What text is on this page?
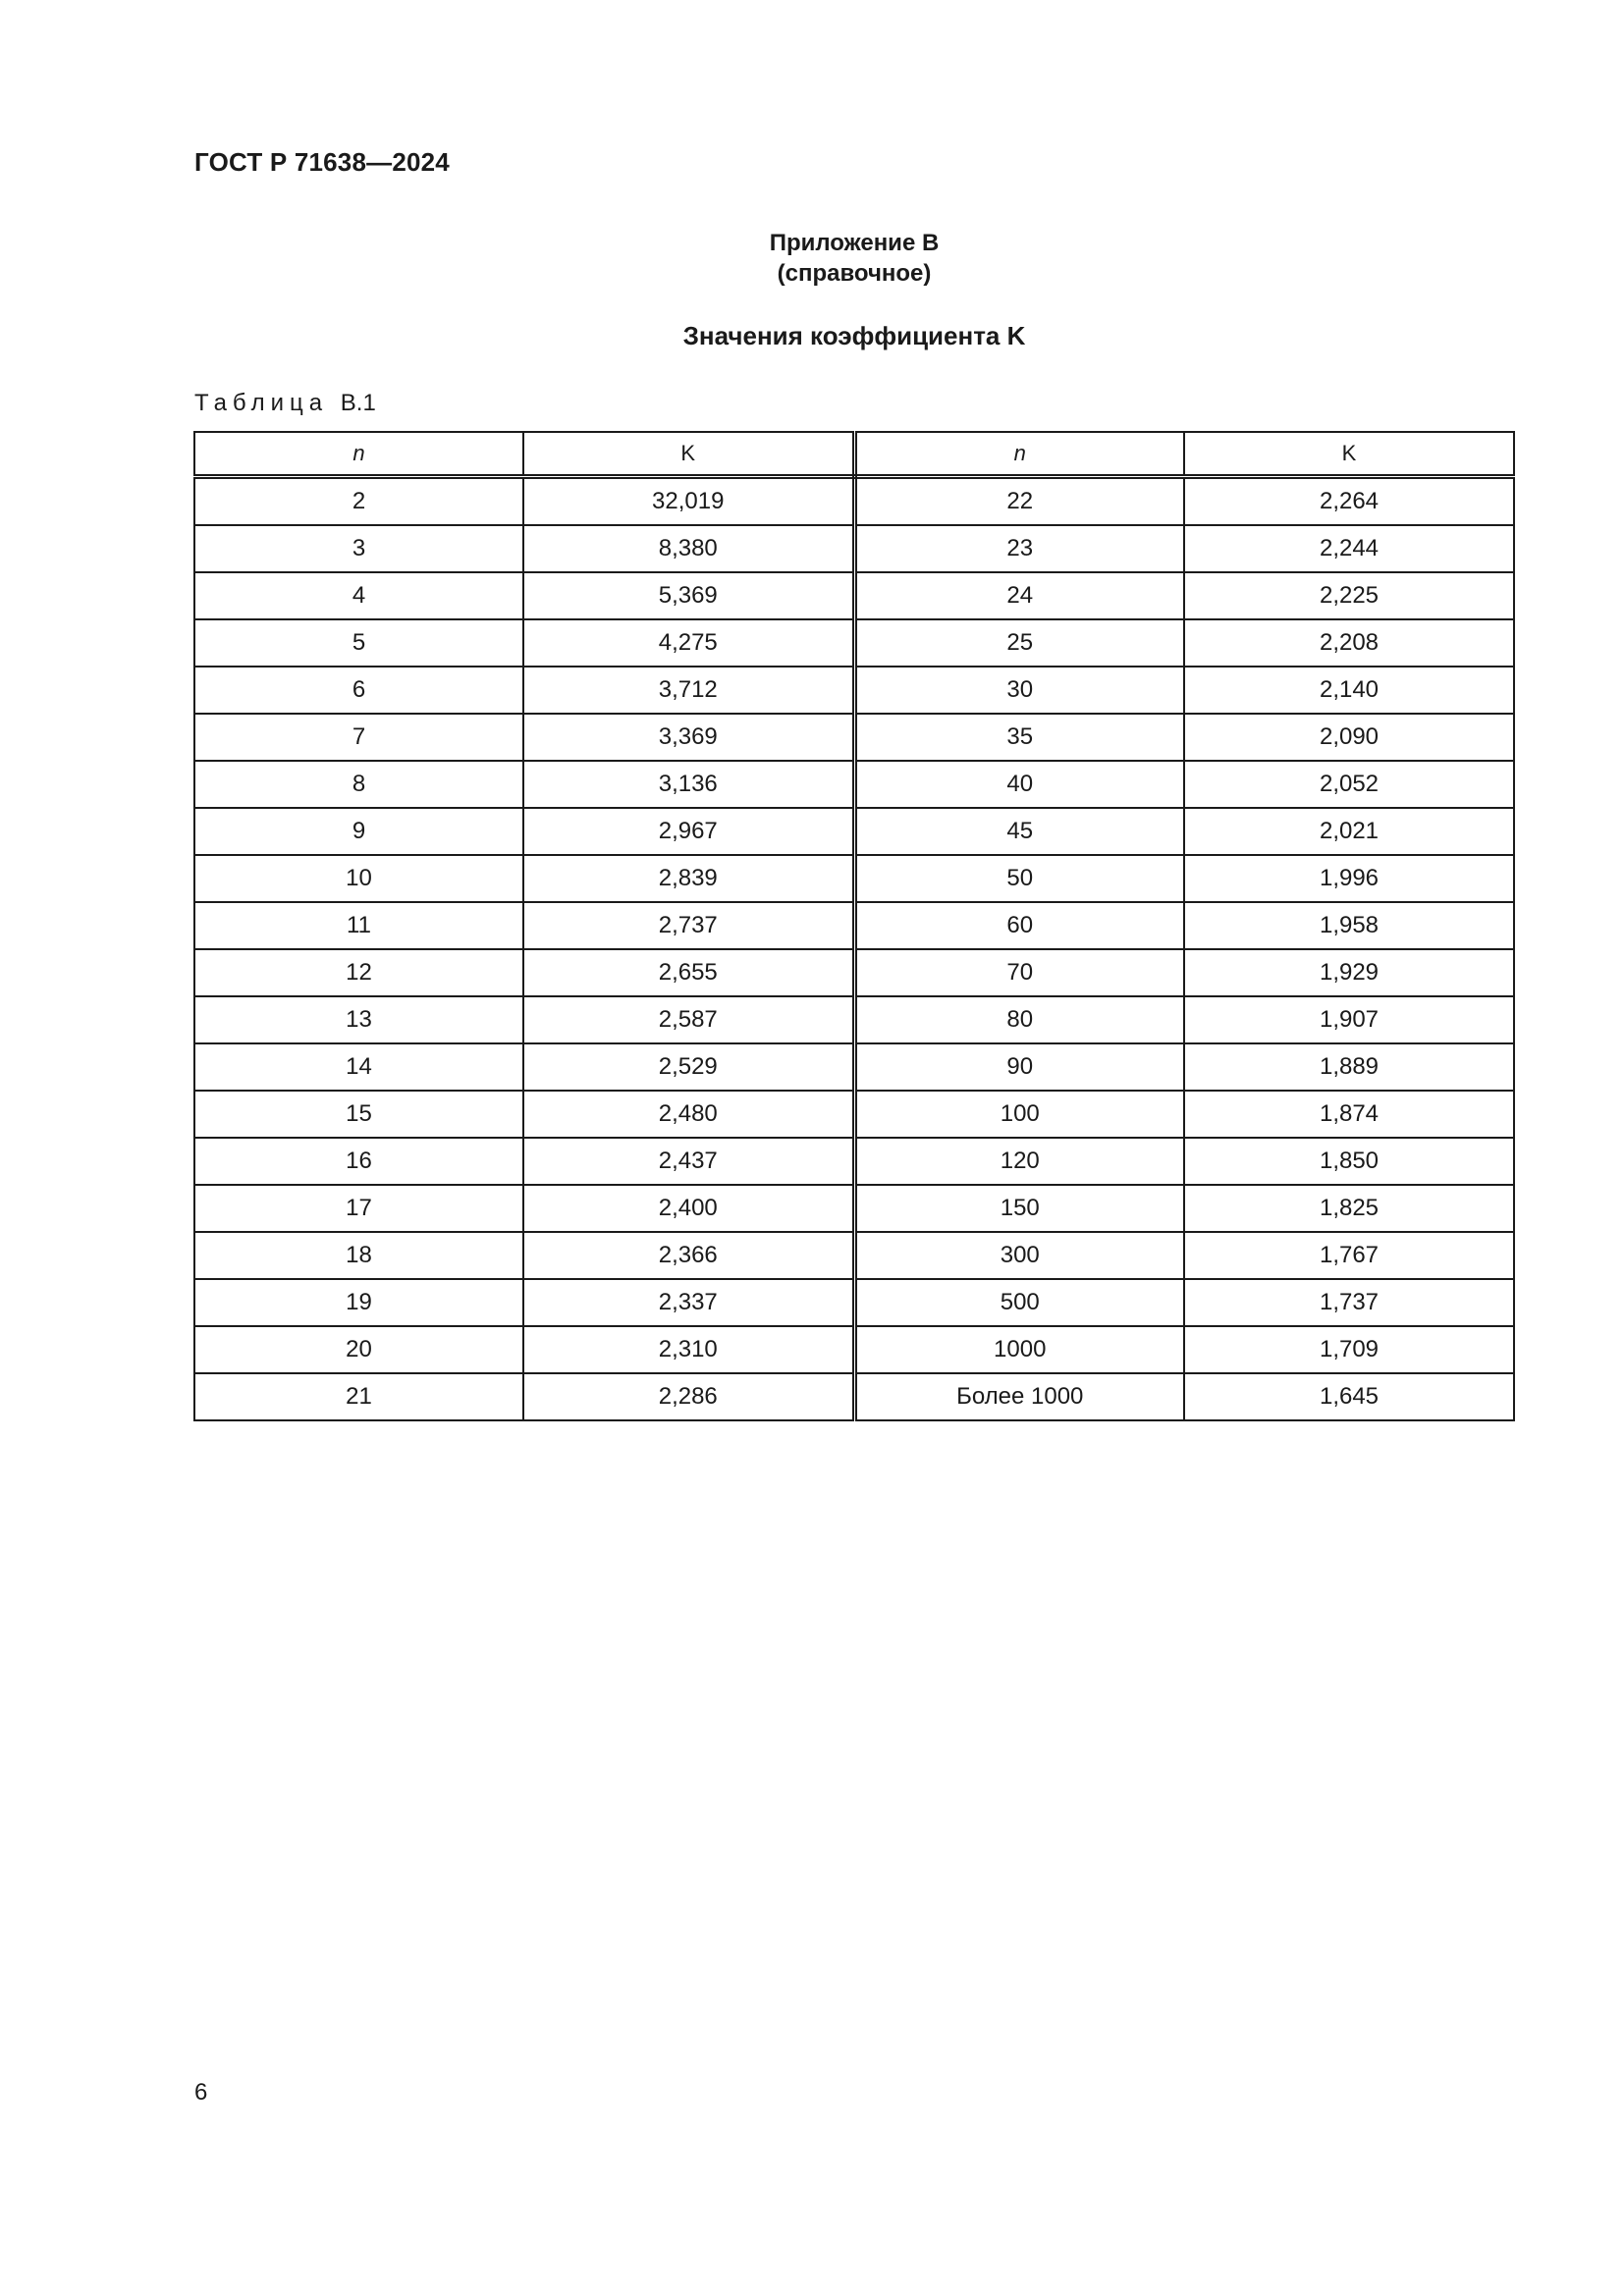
ГОСТ Р 71638—2024
Приложение В
(справочное)
Значения коэффициента K
Таблица В.1
n	K	n	K
2	32,019	22	2,264
3	8,380	23	2,244
4	5,369	24	2,225
5	4,275	25	2,208
6	3,712	30	2,140
7	3,369	35	2,090
8	3,136	40	2,052
9	2,967	45	2,021
10	2,839	50	1,996
11	2,737	60	1,958
12	2,655	70	1,929
13	2,587	80	1,907
14	2,529	90	1,889
15	2,480	100	1,874
16	2,437	120	1,850
17	2,400	150	1,825
18	2,366	300	1,767
19	2,337	500	1,737
20	2,310	1000	1,709
21	2,286	Более 1000	1,645
6
